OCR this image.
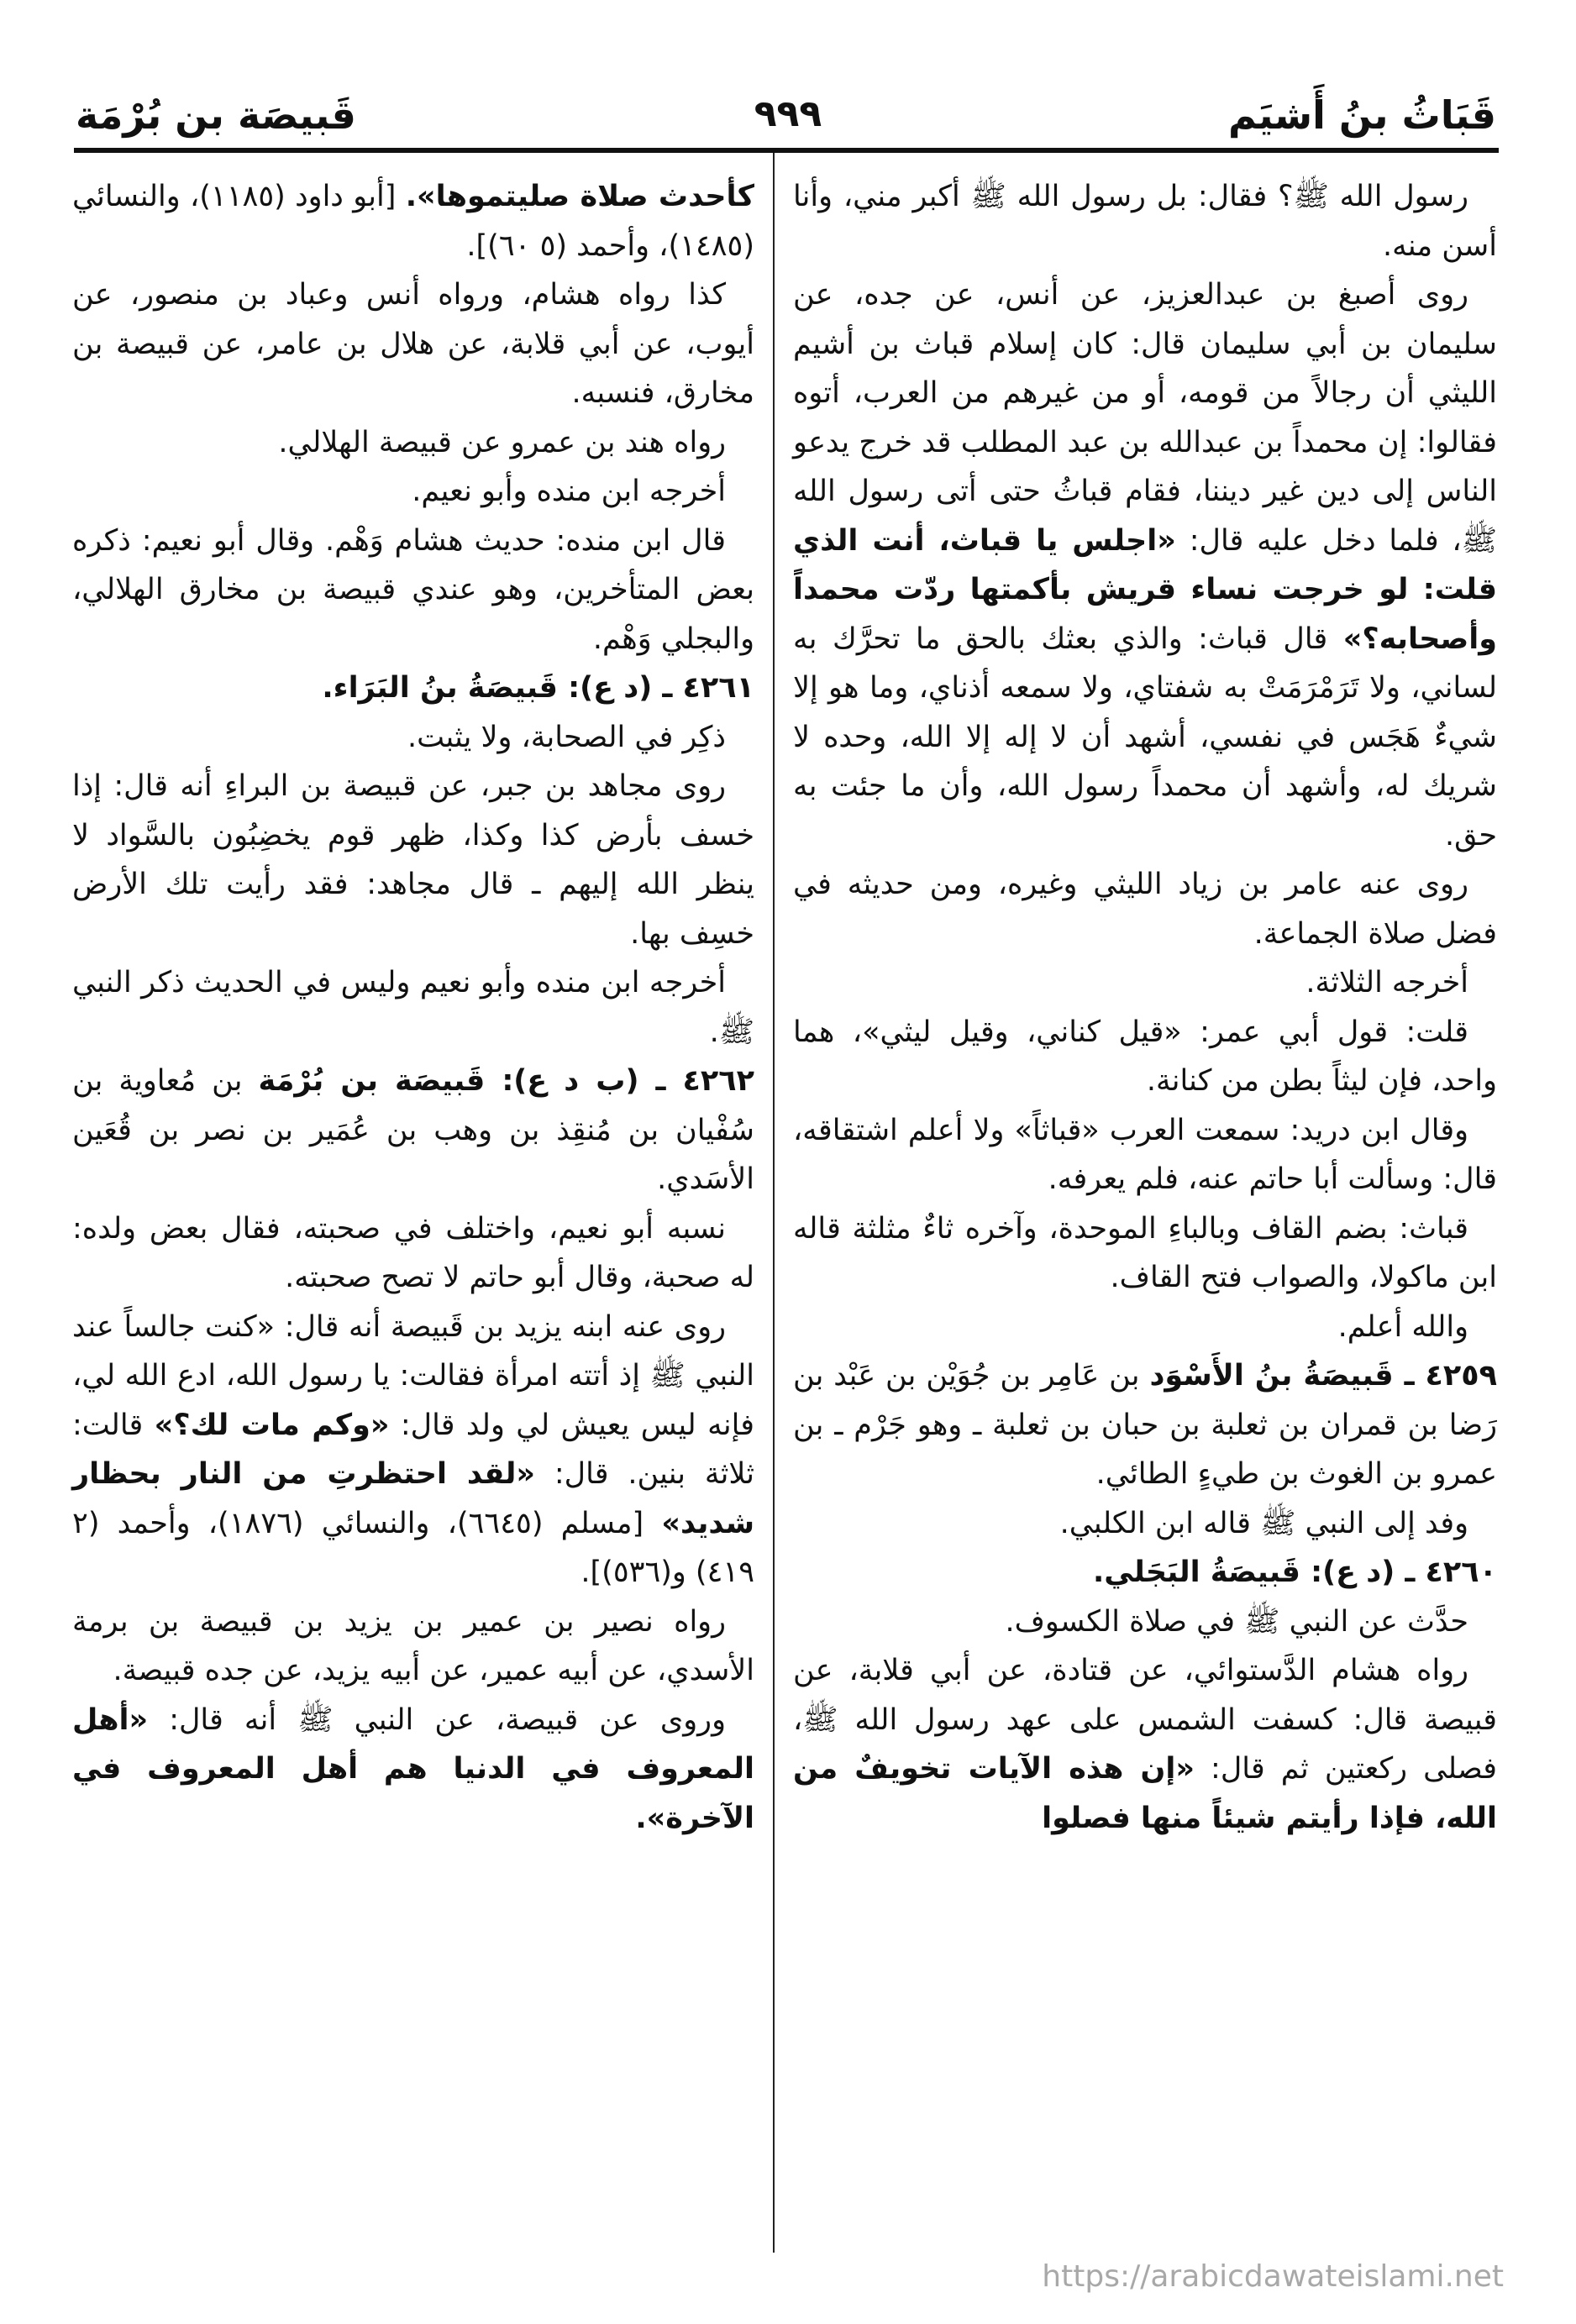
قَبَاثُ بنُ أَشيَم
٩٩٩
قَبيصَة بن بُرْمَة

رسول الله ﷺ؟ فقال: بل رسول الله ﷺ أكبر مني، وأنا أسن منه.

روى أصبغ بن عبدالعزيز، عن أنس، عن جده، عن سليمان بن أبي سليمان قال: كان إسلام قباث بن أشيم الليثي أن رجالاً من قومه، أو من غيرهم من العرب، أتوه فقالوا: إن محمداً بن عبدالله بن عبد المطلب قد خرج يدعو الناس إلى دين غير ديننا، فقام قباثُ حتى أتى رسول الله ﷺ، فلما دخل عليه قال: «اجلس يا قباث، أنت الذي قلت: لو خرجت نساء قريش بأكمتها ردّت محمداً وأصحابه؟» قال قباث: والذي بعثك بالحق ما تحرَّك به لساني، ولا تَرَمْرَمَتْ به شفتاي، ولا سمعه أذناي، وما هو إلا شيءٌ هَجَس في نفسي، أشهد أن لا إله إلا الله، وحده لا شريك له، وأشهد أن محمداً رسول الله، وأن ما جئت به حق.

روى عنه عامر بن زياد الليثي وغيره، ومن حديثه في فضل صلاة الجماعة.

أخرجه الثلاثة.

قلت: قول أبي عمر: «قيل كناني، وقيل ليثي»، هما واحد، فإن ليثاً بطن من كنانة.

وقال ابن دريد: سمعت العرب «قباثاً» ولا أعلم اشتقاقه، قال: وسألت أبا حاتم عنه، فلم يعرفه.

قباث: بضم القاف وبالباءِ الموحدة، وآخره ثاءٌ مثلثة قاله ابن ماكولا، والصواب فتح القاف.

والله أعلم.

٤٢٥٩ ـ قَبيصَةُ بنُ الأَسْوَد بن عَامِر بن جُوَيْن بن عَبْد بن رَضا بن قمران بن ثعلبة بن حبان بن ثعلبة ـ وهو جَرْم ـ بن عمرو بن الغوث بن طيءٍ الطائي.

وفد إلى النبي ﷺ قاله ابن الكلبي.

٤٢٦٠ ـ (د ع): قَبيصَةُ البَجَلي.

حدَّث عن النبي ﷺ في صلاة الكسوف.

رواه هشام الدَّستوائي، عن قتادة، عن أبي قلابة، عن قبيصة قال: كسفت الشمس على عهد رسول الله ﷺ، فصلى ركعتين ثم قال: «إن هذه الآيات تخويفٌ من الله، فإذا رأيتم شيئاً منها فصلوا

كأحدث صلاة صليتموها». [أبو داود (١١٨٥)، والنسائي (١٤٨٥)، وأحمد (٥ ٦٠)].

كذا رواه هشام، ورواه أنس وعباد بن منصور، عن أيوب، عن أبي قلابة، عن هلال بن عامر، عن قبيصة بن مخارق، فنسبه.

رواه هند بن عمرو عن قبيصة الهلالي.

أخرجه ابن منده وأبو نعيم.

قال ابن منده: حديث هشام وَهْم. وقال أبو نعيم: ذكره بعض المتأخرين، وهو عندي قبيصة بن مخارق الهلالي، والبجلي وَهْم.

٤٢٦١ ـ (د ع): قَبيصَةُ بنُ البَرَاء.

ذكِر في الصحابة، ولا يثبت.

روى مجاهد بن جبر، عن قبيصة بن البراءِ أنه قال: إذا خسف بأرض كذا وكذا، ظهر قوم يخضِبُون بالسَّواد لا ينظر الله إليهم ـ قال مجاهد: فقد رأيت تلك الأرض خسِف بها.

أخرجه ابن منده وأبو نعيم وليس في الحديث ذكر النبي ﷺ.

٤٢٦٢ ـ (ب د ع): قَبيصَة بن بُرْمَة بن مُعاوية بن سُفْيان بن مُنقِذ بن وهب بن عُمَير بن نصر بن قُعَين الأسَدي.

نسبه أبو نعيم، واختلف في صحبته، فقال بعض ولده: له صحبة، وقال أبو حاتم لا تصح صحبته.

روى عنه ابنه يزيد بن قَبيصة أنه قال: «كنت جالساً عند النبي ﷺ إذ أتته امرأة فقالت: يا رسول الله، ادع الله لي، فإنه ليس يعيش لي ولد قال: «وكم مات لك؟» قالت: ثلاثة بنين. قال: «لقد احتظرتِ من النار بحظار شديد» [مسلم (٦٦٤٥)، والنسائي (١٨٧٦)، وأحمد (٢ ٤١٩) و(٥٣٦)].

رواه نصير بن عمير بن يزيد بن قبيصة بن برمة الأسدي، عن أبيه عمير، عن أبيه يزيد، عن جده قبيصة.

وروى عن قبيصة، عن النبي ﷺ أنه قال: «أهل المعروف في الدنيا هم أهل المعروف في الآخرة».

https://arabicdawateislami.net
